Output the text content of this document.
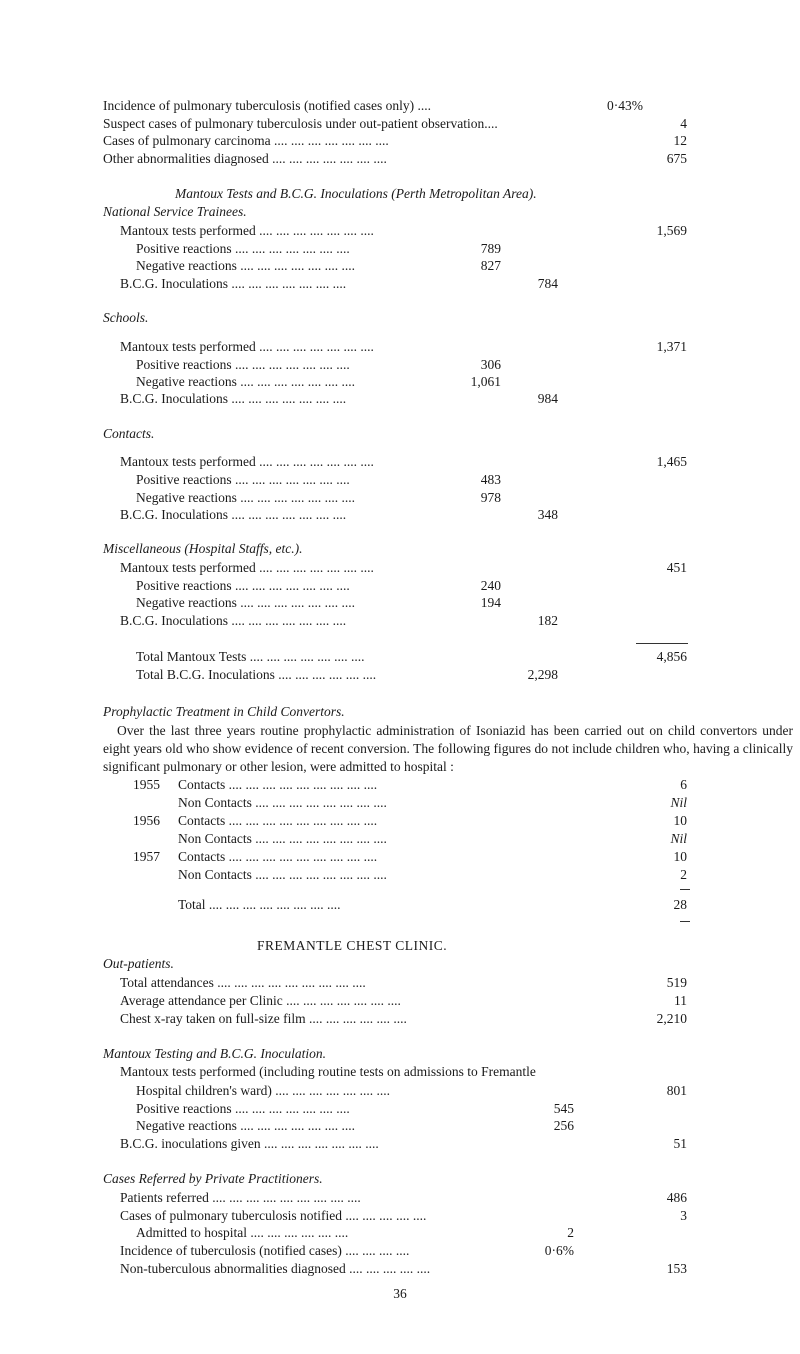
Incidence of pulmonary tuberculosis (notified cases only) ....	0·43%
Suspect cases of pulmonary tuberculosis under out-patient observation....	4
Cases of pulmonary carcinoma .... .... .... .... .... .... ....	12
Other abnormalities diagnosed .... .... .... .... .... .... ....	675
Mantoux Tests and B.C.G. Inoculations (Perth Metropolitan Area).
National Service Trainees.
Mantoux tests performed .... .... .... .... .... .... ....	1,569
Positive reactions .... .... .... .... .... .... ....	789
Negative reactions .... .... .... .... .... .... ....	827
B.C.G. Inoculations .... .... .... .... .... .... ....	784
Schools.
Mantoux tests performed .... .... .... .... .... .... ....	1,371
Positive reactions .... .... .... .... .... .... ....	306
Negative reactions .... .... .... .... .... .... ....	1,061
B.C.G. Inoculations .... .... .... .... .... .... ....	984
Contacts.
Mantoux tests performed .... .... .... .... .... .... ....	1,465
Positive reactions .... .... .... .... .... .... ....	483
Negative reactions .... .... .... .... .... .... ....	978
B.C.G. Inoculations .... .... .... .... .... .... ....	348
Miscellaneous (Hospital Staffs, etc.).
Mantoux tests performed .... .... .... .... .... .... ....	451
Positive reactions .... .... .... .... .... .... ....	240
Negative reactions .... .... .... .... .... .... ....	194
B.C.G. Inoculations .... .... .... .... .... .... ....	182
Total Mantoux Tests .... .... .... .... .... .... ....	4,856
Total B.C.G. Inoculations .... .... .... .... .... ....	2,298
Prophylactic Treatment in Child Convertors.
Over the last three years routine prophylactic administration of Isoniazid has been carried out on child convertors under eight years old who show evidence of recent conversion. The following figures do not include children who, having a clinically significant pulmonary or other lesion, were admitted to hospital :
1955 Contacts .... .... .... .... .... .... .... .... ....	6
Non Contacts .... .... .... .... .... .... .... ....	Nil
1956 Contacts .... .... .... .... .... .... .... .... ....	10
Non Contacts .... .... .... .... .... .... .... ....	Nil
1957 Contacts .... .... .... .... .... .... .... .... ....	10
Non Contacts .... .... .... .... .... .... .... ....	2
Total .... .... .... .... .... .... .... ....	28
FREMANTLE CHEST CLINIC.
Out-patients.
Total attendances .... .... .... .... .... .... .... .... ....	519
Average attendance per Clinic .... .... .... .... .... .... ....	11
Chest x-ray taken on full-size film .... .... .... .... .... ....	2,210
Mantoux Testing and B.C.G. Inoculation.
Mantoux tests performed (including routine tests on admissions to Fremantle
Hospital children's ward) .... .... .... .... .... .... ....	801
Positive reactions .... .... .... .... .... .... ....	545
Negative reactions .... .... .... .... .... .... ....	256
B.C.G. inoculations given .... .... .... .... .... .... ....	51
Cases Referred by Private Practitioners.
Patients referred .... .... .... .... .... .... .... .... ....	486
Cases of pulmonary tuberculosis notified .... .... .... .... ....	3
Admitted to hospital .... .... .... .... .... ....	2
Incidence of tuberculosis (notified cases) .... .... .... ....	0·6%
Non-tuberculous abnormalities diagnosed .... .... .... .... ....	153
36
